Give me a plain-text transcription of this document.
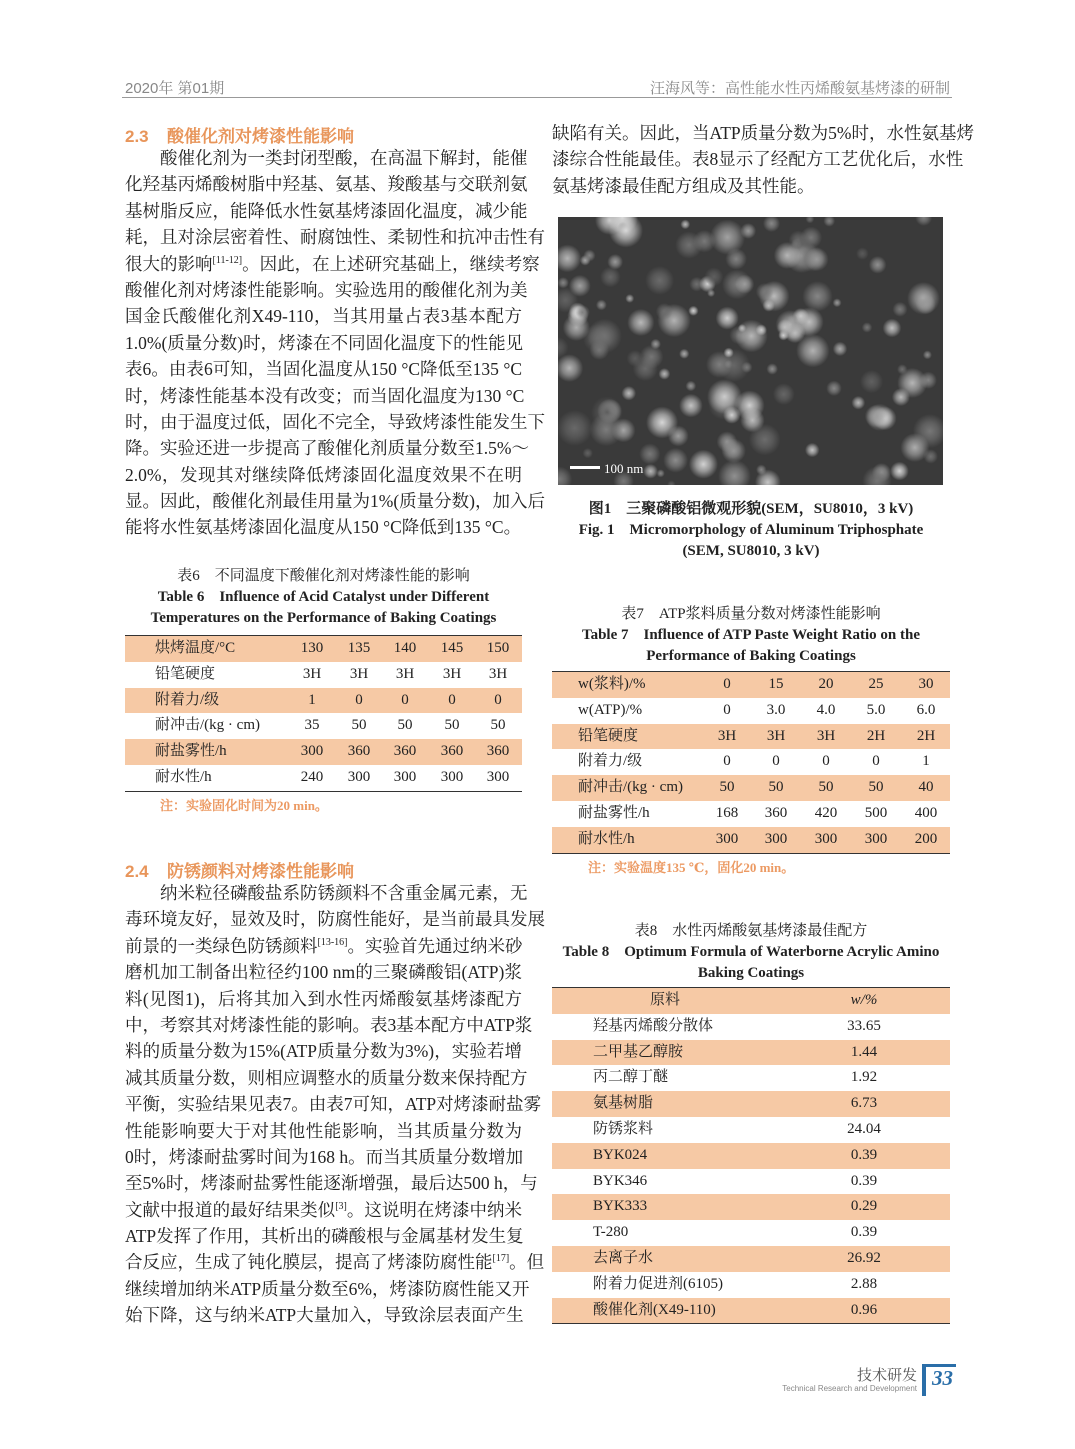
2020年 第01期	汪海风等：高性能水性丙烯酸氨基烤漆的研制
2.3 酸催化剂对烤漆性能影响
酸催化剂为一类封闭型酸，在高温下解封，能催
化羟基丙烯酸树脂中羟基、氨基、羧酸基与交联剂氨
基树脂反应，能降低水性氨基烤漆固化温度，减少能
耗，且对涂层密着性、耐腐蚀性、柔韧性和抗冲击性有
很大的影响[11-12]。因此，在上述研究基础上，继续考察
酸催化剂对烤漆性能影响。实验选用的酸催化剂为美
国金氏酸催化剂X49-110，当其用量占表3基本配方
1.0%(质量分数)时，烤漆在不同固化温度下的性能见
表6。由表6可知，当固化温度从150 °C降低至135 °C
时，烤漆性能基本没有改变；而当固化温度为130 °C
时，由于温度过低，固化不完全，导致烤漆性能发生下
降。实验还进一步提高了酸催化剂质量分数至1.5%～
2.0%，发现其对继续降低烤漆固化温度效果不在明
显。因此，酸催化剂最佳用量为1%(质量分数)，加入后
能将水性氨基烤漆固化温度从150 °C降低到135 °C。
表6　不同温度下酸催化剂对烤漆性能的影响
Table 6　Influence of Acid Catalyst under Different
Temperatures on the Performance of Baking Coatings
烘烤温度/°C	130 135 140 145 150
铅笔硬度	3H 3H 3H 3H 3H
附着力/级	1	0	0	0	0
耐冲击/(kg · cm)	35 50 50 50 50
耐盐雾性/h	300 360 360 360 360
耐水性/h	240 300 300 300 300
注：实验固化时间为20 min。
2.4 防锈颜料对烤漆性能影响
纳米粒径磷酸盐系防锈颜料不含重金属元素，无
毒环境友好，显效及时，防腐性能好，是当前最具发展
前景的一类绿色防锈颜料[13-16]。实验首先通过纳米砂
磨机加工制备出粒径约100 nm的三聚磷酸铝(ATP)浆
料(见图1)，后将其加入到水性丙烯酸氨基烤漆配方
中，考察其对烤漆性能的影响。表3基本配方中ATP浆
料的质量分数为15%(ATP质量分数为3%)，实验若增
减其质量分数，则相应调整水的质量分数来保持配方
平衡，实验结果见表7。由表7可知，ATP对烤漆耐盐雾
性能影响要大于对其他性能影响，当其质量分数为
0时，烤漆耐盐雾时间为168 h。而当其质量分数增加
至5%时，烤漆耐盐雾性能逐渐增强，最后达500 h，与
文献中报道的最好结果类似[3]。这说明在烤漆中纳米
ATP发挥了作用，其析出的磷酸根与金属基材发生复
合反应，生成了钝化膜层，提高了烤漆防腐性能[17]。但
继续增加纳米ATP质量分数至6%，烤漆防腐性能又开
始下降，这与纳米ATP大量加入，导致涂层表面产生
缺陷有关。因此，当ATP质量分数为5%时，水性氨基烤
漆综合性能最佳。表8显示了经配方工艺优化后，水性
氨基烤漆最佳配方组成及其性能。
100 nm
图1　三聚磷酸铝微观形貌(SEM，SU8010，3 kV)
Fig. 1　Micromorphology of Aluminum Triphosphate
(SEM, SU8010, 3 kV)
表7　ATP浆料质量分数对烤漆性能影响
Table 7　Influence of ATP Paste Weight Ratio on the
Performance of Baking Coatings
w(浆料)/%	0	15 20 25 30
w(ATP)/%	0 3.0 4.0 5.0 6.0
铅笔硬度	3H 3H 3H 2H 2H
附着力/级	0	0	0	0	1
耐冲击/(kg · cm) 50 50 50 50 40
耐盐雾性/h	168 360 420 500 400
耐水性/h	300 300 300 300 200
注：实验温度135 ℃，固化20 min。
表8　水性丙烯酸氨基烤漆最佳配方
Table 8　Optimum Formula of Waterborne Acrylic Amino
Baking Coatings
原料	w/%
羟基丙烯酸分散体	33.65
二甲基乙醇胺	1.44
丙二醇丁醚	1.92
氨基树脂	6.73
防锈浆料	24.04
BYK024	0.39
BYK346	0.39
BYK333	0.29
T-280	0.39
去离子水	26.92
附着力促进剂(6105)	2.88
酸催化剂(X49-110)	0.96
技术研发
Technical Research and Development 33
